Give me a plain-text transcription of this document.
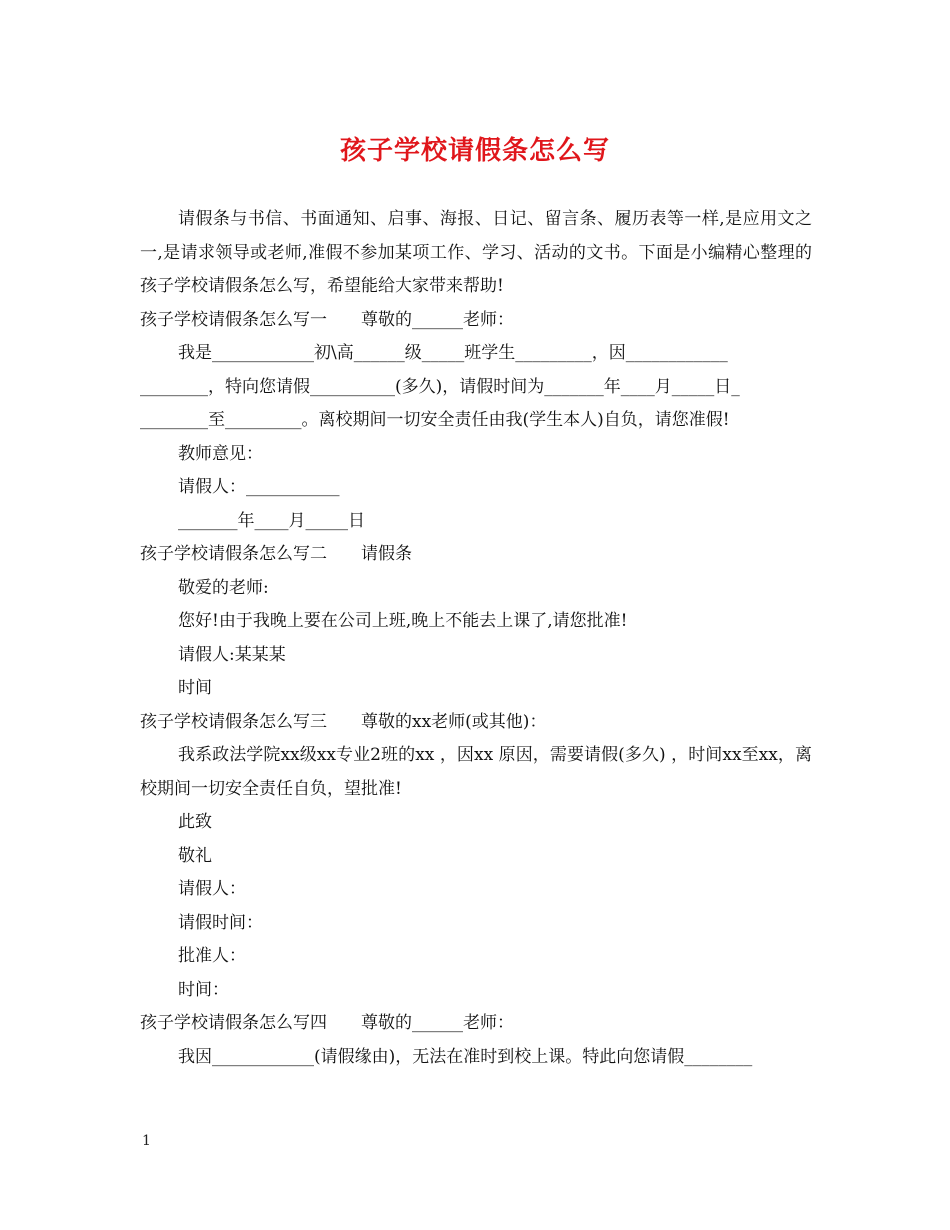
孩子学校请假条怎么写

请假条与书信、书面通知、启事、海报、日记、留言条、履历表等一样,是应用文之一,是请求领导或老师,准假不参加某项工作、学习、活动的文书。下面是小编精心整理的孩子学校请假条怎么写，希望能给大家带来帮助!

孩子学校请假条怎么写一　　尊敬的______老师：

我是____________初\高______级_____班学生_________，因____________

________，特向您请假__________(多久)，请假时间为_______年____月_____日_

________至_________。离校期间一切安全责任由我(学生本人)自负，请您准假!

教师意见：

请假人：___________

_______年____月_____日

孩子学校请假条怎么写二　　请假条

敬爱的老师:

您好!由于我晚上要在公司上班,晚上不能去上课了,请您批准!

请假人:某某某

时间

孩子学校请假条怎么写三　　尊敬的xx老师(或其他)：

我系政法学院xx级xx专业2班的xx ，因xx 原因，需要请假(多久) ，时间xx至xx，离校期间一切安全责任自负，望批准!

此致

敬礼

请假人：

请假时间：

批准人：

时间：

孩子学校请假条怎么写四　　尊敬的______老师：

我因____________(请假缘由)，无法在准时到校上课。特此向您请假________

1
